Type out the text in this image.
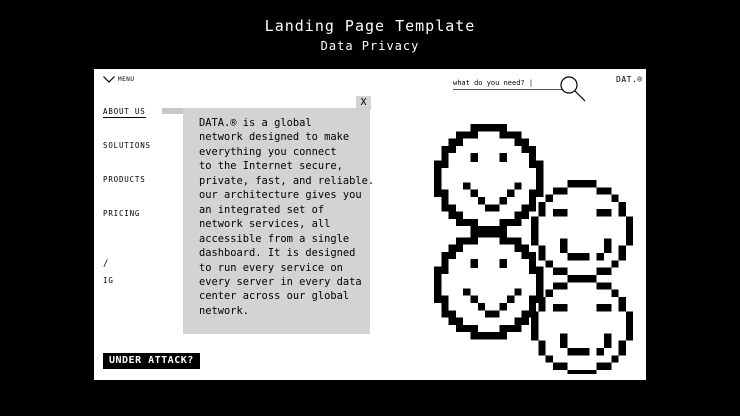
Landing Page Template
Data Privacy
MENU
what do you need? |	DAT.®
ABOUT US
SOLUTIONS
PRODUCTS
PRICING
/
IG
DATA.® is a global
network designed to make
everything you connect
to the Internet secure,
private, fast, and reliable.
our architecture gives you
an integrated set of
network services, all
accessible from a single
dashboard. It is designed
to run every service on
every server in every data
center across our global
network.
X
UNDER ATTACK?
